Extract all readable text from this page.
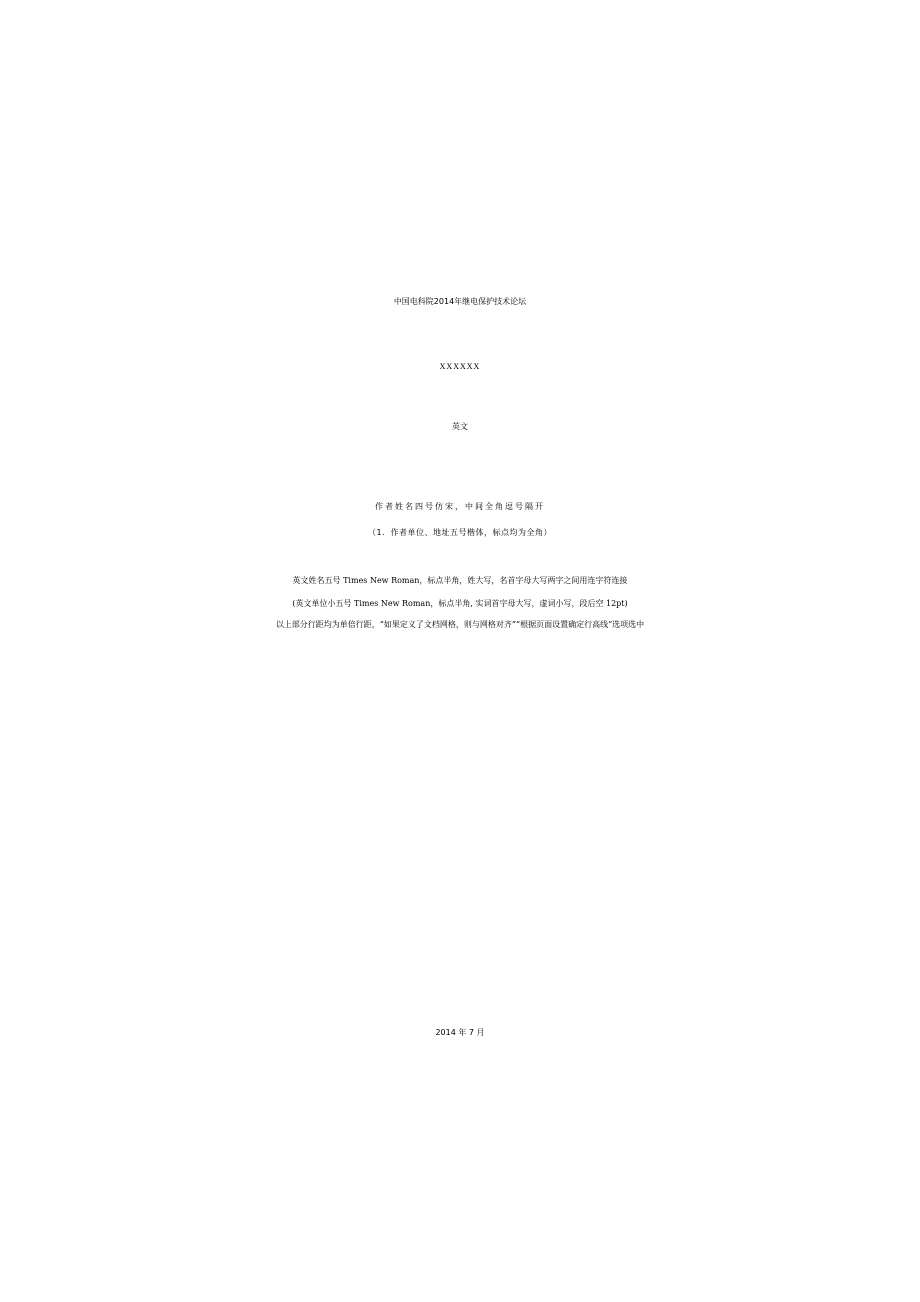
中国电科院2014年继电保护技术论坛
XXXXXX
英文
作者姓名四号仿宋，中间全角逗号隔开
（1．作者单位、地址五号楷体，标点均为全角）
英文姓名五号 Times New Roman，标点半角，姓大写，名首字母大写两字之间用连字符连接
(英文单位小五号 Times New Roman，标点半角, 实词首字母大写，虚词小写，段后空 12pt)
以上部分行距均为单倍行距，“如果定义了文档网格，则与网格对齐”“根据页面设置确定行高线”选项选中
2014 年 7 月
